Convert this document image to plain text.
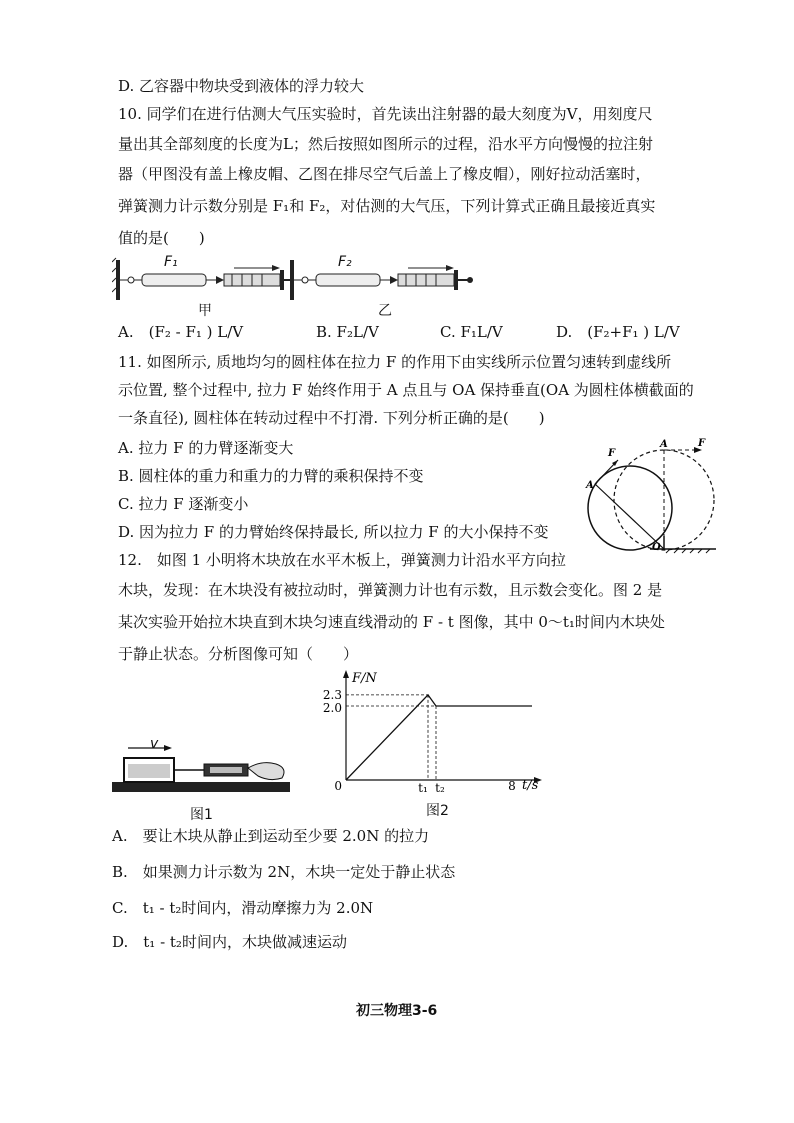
D. 乙容器中物块受到液体的浮力较大
10. 同学们在进行估测大气压实验时，首先读出注射器的最大刻度为V，用刻度尺
量出其全部刻度的长度为L；然后按照如图所示的过程，沿水平方向慢慢的拉注射
器（甲图没有盖上橡皮帽、乙图在排尽空气后盖上了橡皮帽），刚好拉动活塞时，
弹簧测力计示数分别是 F₁和 F₂，对估测的大气压，下列计算式正确且最接近真实
值的是(　　)
F₁	F₂
甲	乙
A.　(F₂ - F₁ ) L/V	B. F₂L/V	C. F₁L/V	D.　(F₂+F₁ ) L/V
11. 如图所示, 质地均匀的圆柱体在拉力 F 的作用下由实线所示位置匀速转到虚线所
示位置, 整个过程中, 拉力 F 始终作用于 A 点且与 OA 保持垂直(OA 为圆柱体横截面的
一条直径), 圆柱体在转动过程中不打滑. 下列分析正确的是(　　)
A. 拉力 F 的力臂逐渐变大
B. 圆柱体的重力和重力的力臂的乘积保持不变
C. 拉力 F 逐渐变小
D. 因为拉力 F 的力臂始终保持最长, 所以拉力 F 的大小保持不变
F
A
A	F
O
12.　如图 1 小明将木块放在水平木板上，弹簧测力计沿水平方向拉
木块，发现：在木块没有被拉动时，弹簧测力计也有示数，且示数会变化。图 2 是
某次实验开始拉木块直到木块匀速直线滑动的 F - t 图像，其中 0～t₁时间内木块处
于静止状态。分析图像可知（　　）
v
图1
F/N
t/s
2.3
2.0
0	t₁ t₂	8
图2
A.　要让木块从静止到运动至少要 2.0N 的拉力
B.　如果测力计示数为 2N，木块一定处于静止状态
C.　t₁ - t₂时间内，滑动摩擦力为 2.0N
D.　t₁ - t₂时间内，木块做减速运动
初三物理3-6
